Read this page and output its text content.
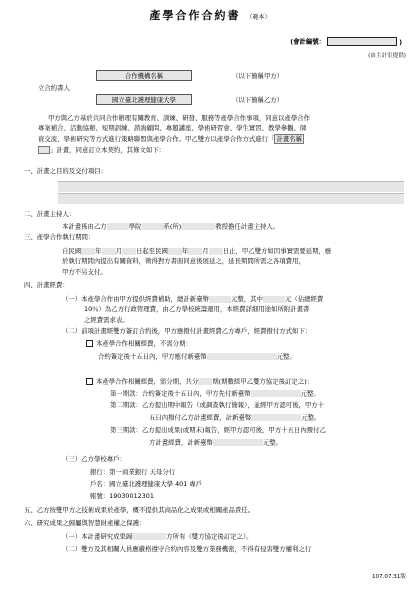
產學合作合約書 （範本）
(會計編號：	)
(由主計室提供)
合作機構名稱	（以下簡稱甲方）
立合約書人
國立臺北護理健康大學	（以下簡稱乙方）
甲方與乙方基於共同合作辦理有關教育、訓練、研發、服務等產學合作事項，同意以產學合作
專案補合、活動協辦、短期訓練、諮詢顧問、專題講座、學術研習會、學生實習、教學參觀、師
資交流、學術研究等方式進行策略聯盟與產學合作。甲乙雙方以產學合作方式進行「 計畫名稱
」計畫，同意訂立本契約，其條文如下：
一、計畫之目的及交付項目：
二、計畫主持人：
本計畫係由乙方	學院	系(所)	教授擔任計畫主持人。
三、產學合作執行期間：
自民國 年 月 日起至民國 年 月 日止，甲乙雙方如因事實需要延期，應
於執行期間內提出有關資料，徵得對方書面同意後展延之，延長期間所需之各項費用，
甲方不另支付。
四、計畫經費：
（一）本產學合作由甲方提供經費補助，總計新臺幣	元整，其中	元（佔總經費
10％）為乙方行政管理費，由乙方學校統籌運用，本經費詳細用途如所附計畫書
之經費需求表。
（二）前項計畫經雙方簽訂合約後，甲方應撥付計畫經費乙方專戶，經費撥付方式如下：
本產學合作相關經費，不需分期：
合約簽定後十五日內，甲方應付新臺幣	元整。
本產學合作相關經費，需分期，共分 期(期數經甲乙雙方協定後訂定之)：
第一期款：合約簽定後十五日內，甲方先付新臺幣	元整。
第二期款：乙方提出期中報告（或調查執行簡報），並經甲方認可後，甲方十
五日內撥付乙方計畫經費，計新臺幣	元整。
第三期款：乙方提出成果(或期末)報告，經甲方認可後，甲方十五日內撥付乙
方計畫經費，計新臺幣	元整。
（三）乙方學校專戶：
銀行：第一商業銀行 天母分行
戶名：國立臺北護理健康大學 401 專戶
帳號：19030012301
五、乙方按雙甲方之技術成果於產學，概不提供其商品化之成果或相關產品責任。
六、研究成果之歸屬與智慧財產權之保護：
（一）本計畫研究成果歸	方所有（雙方協定後訂定之）。
（二）雙方及其相關人員應嚴格遵守合約內容及雙方業務機密，不得有侵害雙方權利之行
107.07.31版
